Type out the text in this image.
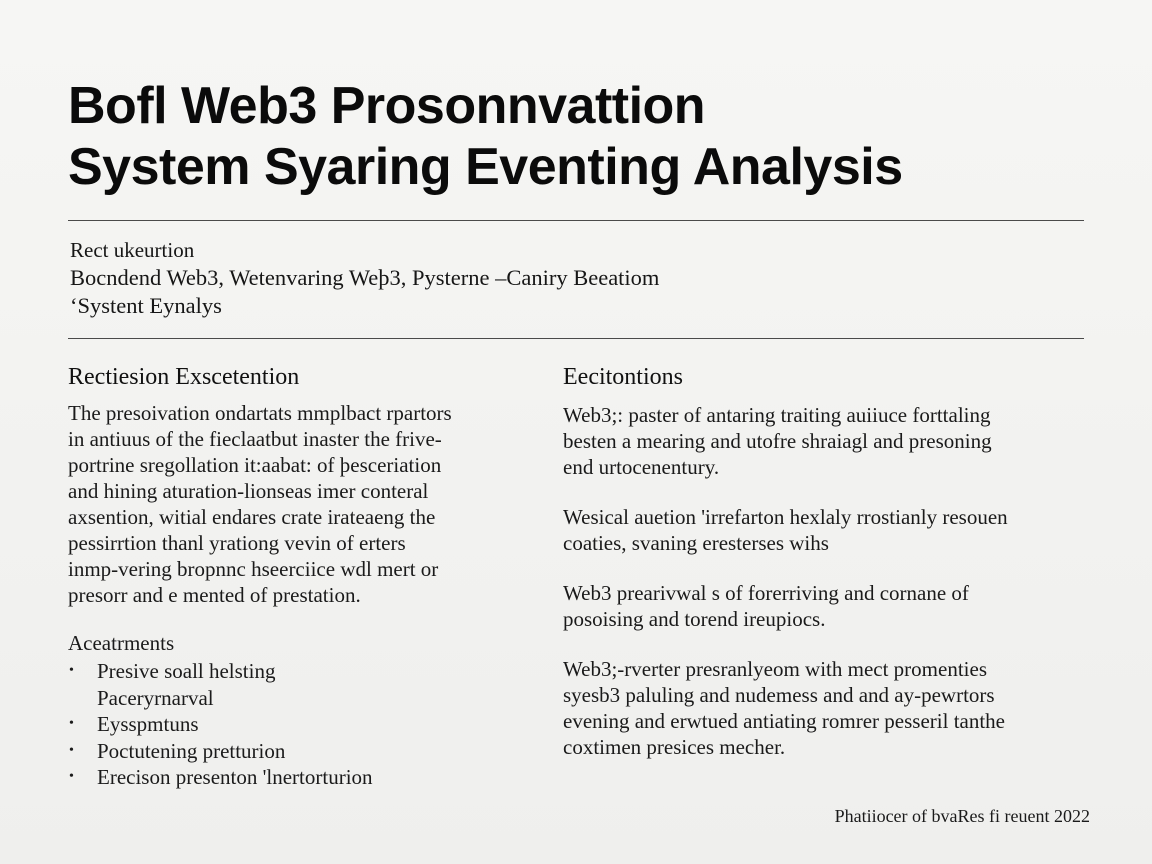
Bofl Web3 Prosonnvattion
System Syaring Eventing Analysis
Rect ukeurtion
Bocndend Web3, Wetenvaring Weþ3, Pysterne –Caniry Beeatiom
‘Systent Eynalys
Rectiesion Exscetention
The presoivation ondartats mmplbact rpartors
in antiuus of the fieclaatbut inaster the frive-
portrine sregollation it:aabat: of þesceriation
and hining aturation-lionseas imer conteral
axsention, witial endares crate irateaeng the
pessirrtion thanl yrationg vevin of erters
inmp-vering bropnnc hseerciice wdl mert or
presorr and e mented of prestation.
Aceatrments
• Presive soall helsting
Paceryrnarval
• Eysspmtuns
• Poctutening pretturion
• Erecison presenton 'lnertorturion
Eecitontions
Web3;: paster of antaring traiting auiiuce forttaling
besten a mearing and utofre shraiagl and presoning
end urtocenentury.
Wesical auetion 'irrefarton hexlaly rrostianly resouen
coaties, svaning eresterses wihs
Web3 prearivwal s of forerriving and cornane of
posoising and torend ireupiocs.
Web3;-rverter presranlyeom with mect promenties
syesb3 paluling and nudemess and and ay-pewrtors
evening and erwtued antiating romrer pesseril tanthe
coxtimen presices mecher.
Phatiiocer of bvaRes fi reuent 2022
